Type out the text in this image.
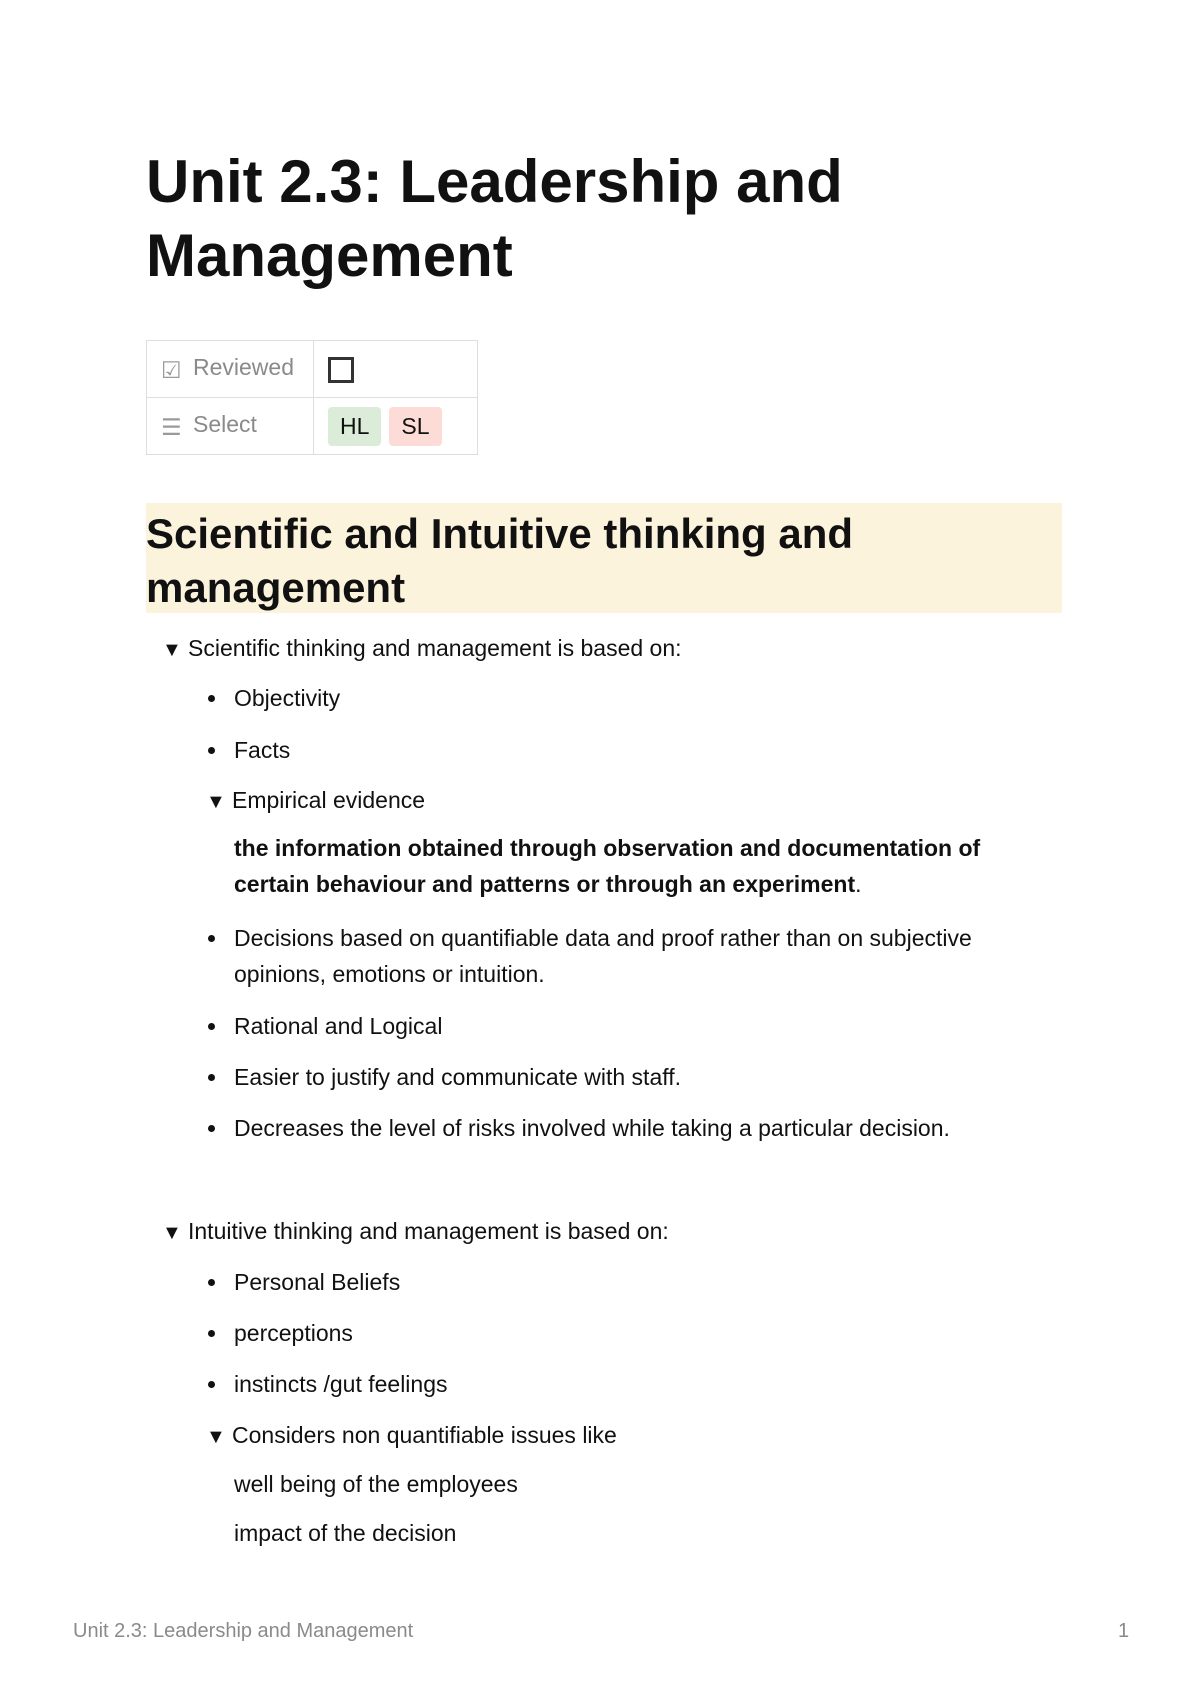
Unit 2.3: Leadership and Management
☑ Reviewed	
☰ Select	HL SL
Scientific and Intuitive thinking and management
▼ Scientific thinking and management is based on:
Objectivity
Facts
▼ Empirical evidence
the information obtained through observation and documentation of certain behaviour and patterns or through an experiment.
Decisions based on quantifiable data and proof rather than on subjective opinions, emotions or intuition.
Rational and Logical
Easier to justify and communicate with staff.
Decreases the level of risks involved while taking a particular decision.
▼ Intuitive thinking and management is based on:
Personal Beliefs
perceptions
instincts /gut feelings
▼ Considers non quantifiable issues like
well being of the employees
impact of the decision
Unit 2.3: Leadership and Management	1
